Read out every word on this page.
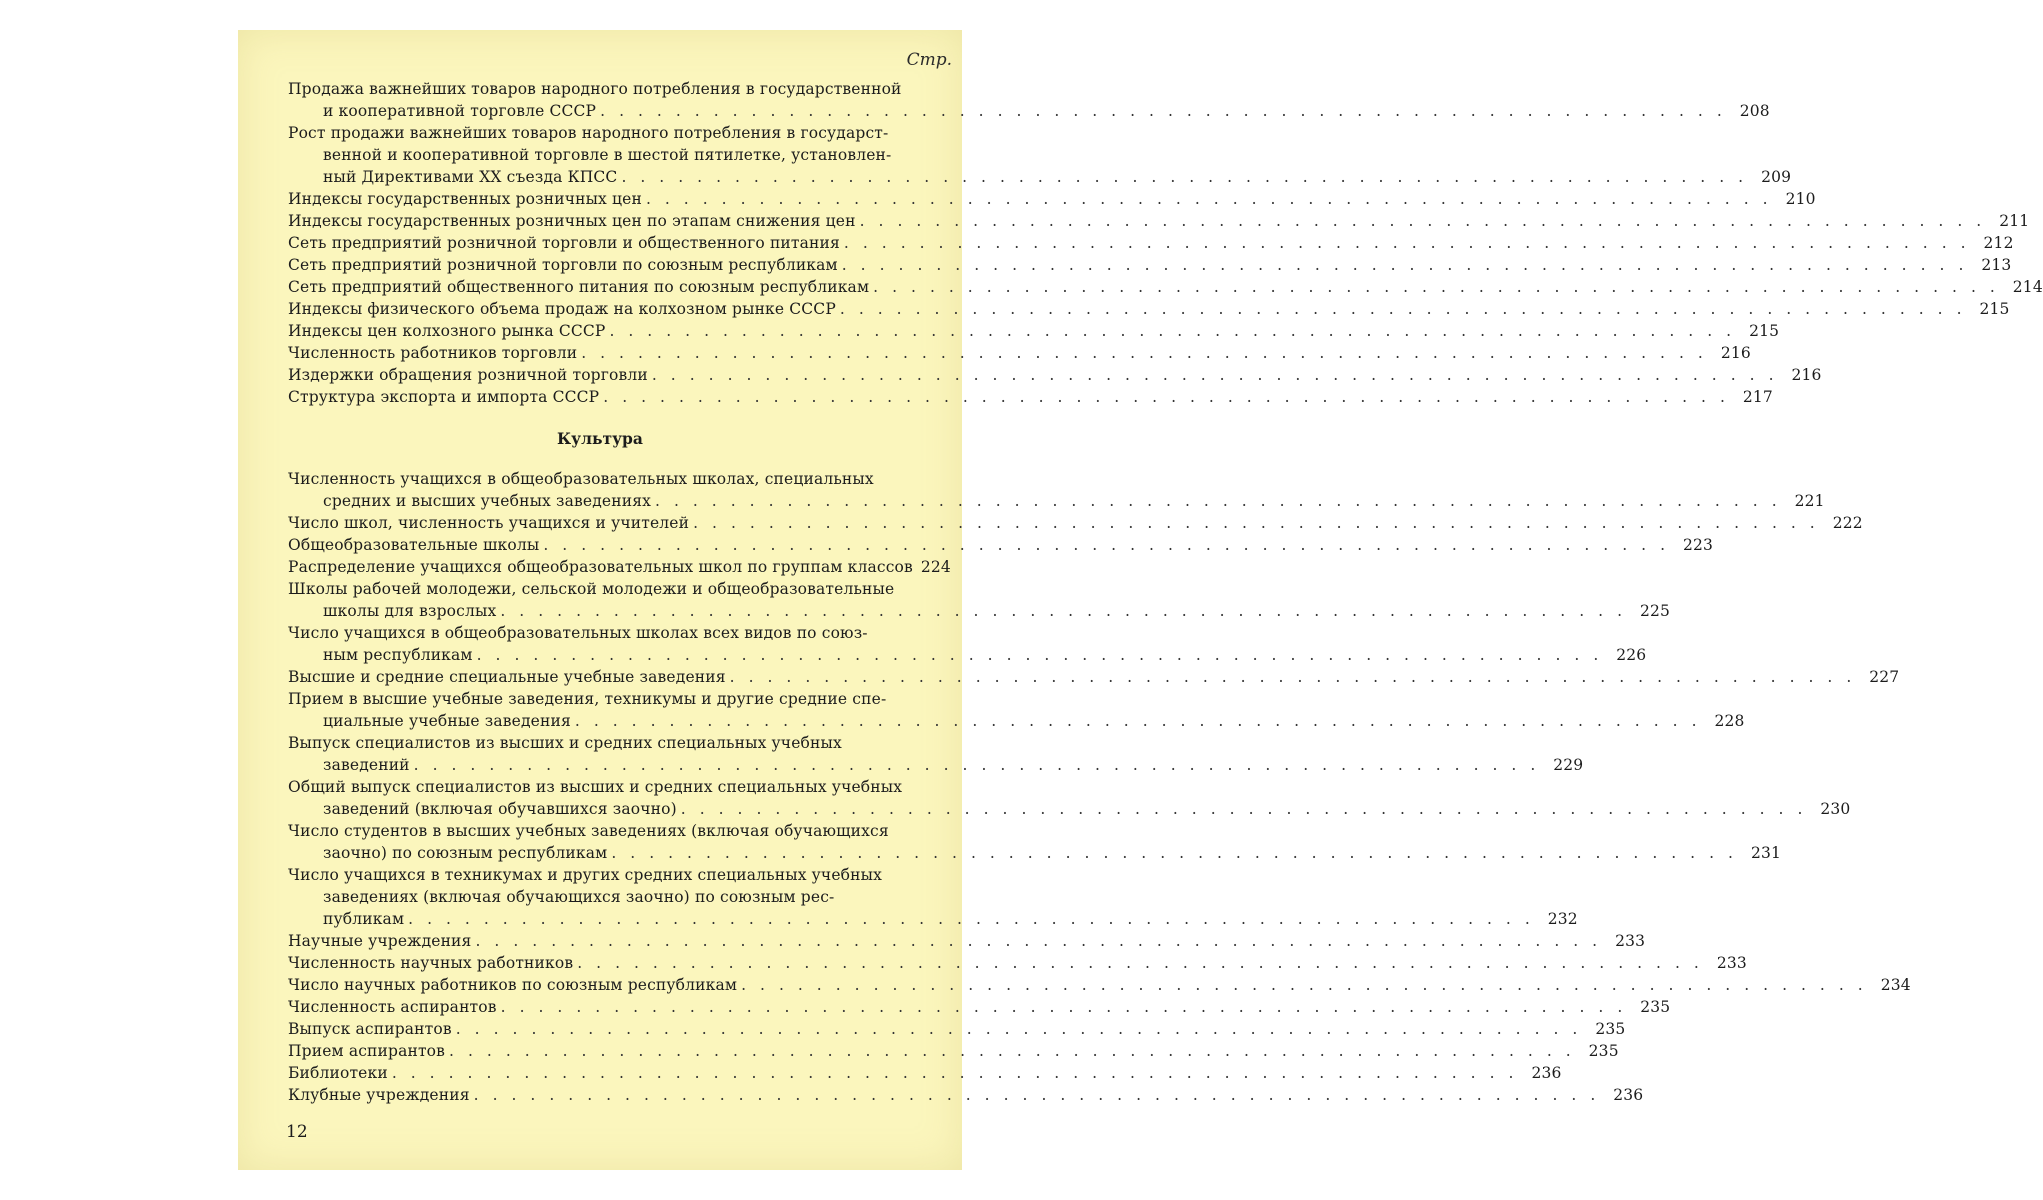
Стр.
Продажа важнейших товаров народного потребления в государственной
и кооперативной торговле СССР ............................................................ 208
Рост продажи важнейших товаров народного потребления в государст-
венной и кооперативной торговле в шестой пятилетке, установлен-
ный Директивами XX съезда КПСС ............................................................ 209
Индексы государственных розничных цен ............................................................ 210
Индексы государственных розничных цен по этапам снижения цен ............................................................ 211
Сеть предприятий розничной торговли и общественного питания ............................................................ 212
Сеть предприятий розничной торговли по союзным республикам ............................................................ 213
Сеть предприятий общественного питания по союзным республикам ............................................................ 214
Индексы физического объема продаж на колхозном рынке СССР ............................................................ 215
Индексы цен колхозного рынка СССР ............................................................ 215
Численность работников торговли ............................................................ 216
Издержки обращения розничной торговли ............................................................ 216
Структура экспорта и импорта СССР ............................................................ 217
Культура
Численность учащихся в общеобразовательных школах, специальных
средних и высших учебных заведениях ............................................................ 221
Число школ, численность учащихся и учителей ............................................................ 222
Общеобразовательные школы ............................................................ 223
Распределение учащихся общеобразовательных школ по группам классов 224
Школы рабочей молодежи, сельской молодежи и общеобразовательные
школы для взрослых ............................................................ 225
Число учащихся в общеобразовательных школах всех видов по союз-
ным республикам ............................................................ 226
Высшие и средние специальные учебные заведения ............................................................ 227
Прием в высшие учебные заведения, техникумы и другие средние спе-
циальные учебные заведения ............................................................ 228
Выпуск специалистов из высших и средних специальных учебных
заведений ............................................................ 229
Общий выпуск специалистов из высших и средних специальных учебных
заведений (включая обучавшихся заочно) ............................................................ 230
Число студентов в высших учебных заведениях (включая обучающихся
заочно) по союзным республикам ............................................................ 231
Число учащихся в техникумах и других средних специальных учебных
заведениях (включая обучающихся заочно) по союзным рес-
публикам ............................................................ 232
Научные учреждения ............................................................ 233
Численность научных работников ............................................................ 233
Число научных работников по союзным республикам ............................................................ 234
Численность аспирантов ............................................................ 235
Выпуск аспирантов ............................................................ 235
Прием аспирантов ............................................................ 235
Библиотеки ............................................................ 236
Клубные учреждения ............................................................ 236
12
